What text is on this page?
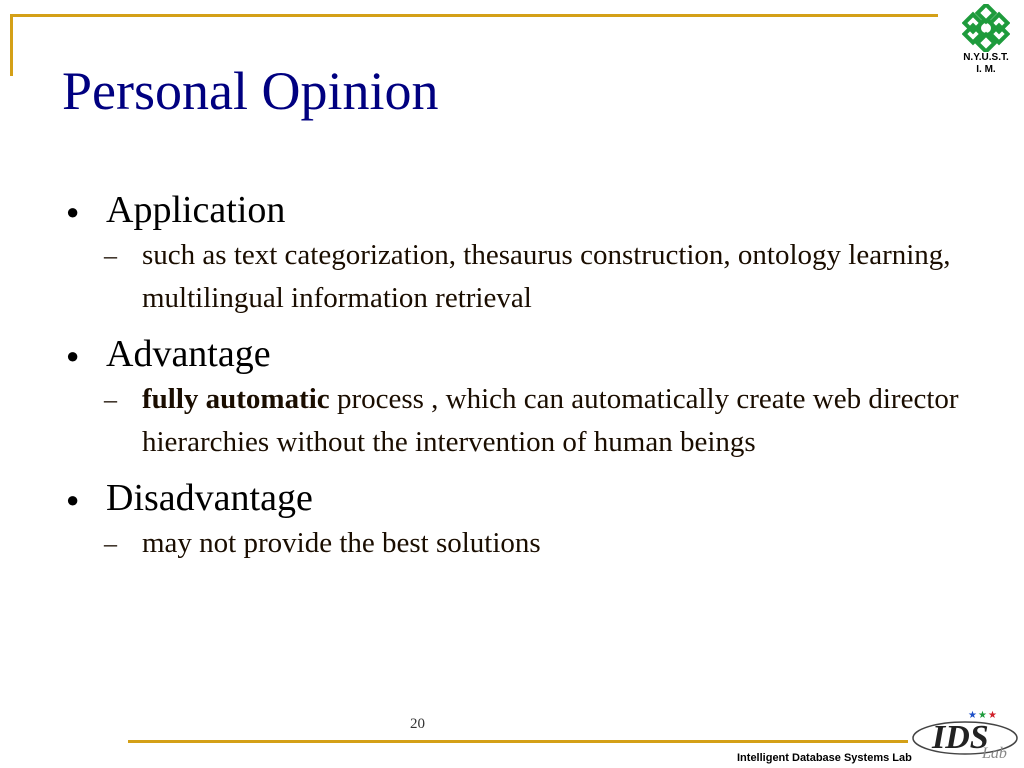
N.Y.U.S.T.
I. M.
Personal Opinion
● Application
– such as text categorization, thesaurus construction, ontology learning, multilingual information retrieval
● Advantage
– fully automatic process , which can automatically create web director hierarchies without the intervention of human beings
● Disadvantage
– may not provide the best solutions
20	IDS
Lab
★ ★ ★
Intelligent Database Systems Lab
